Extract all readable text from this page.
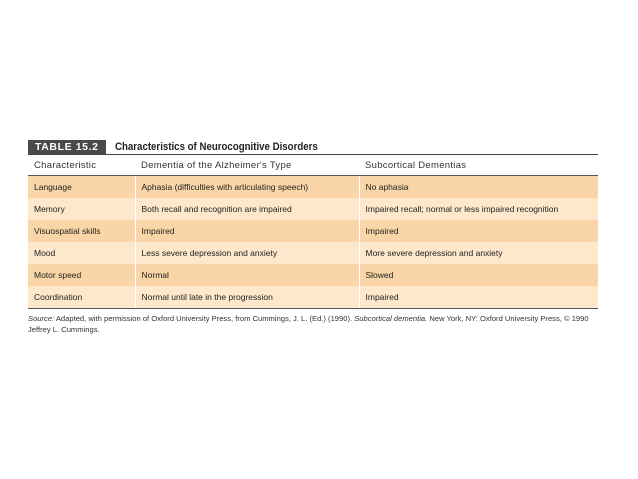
TABLE 15.2	Characteristics of Neurocognitive Disorders
Characteristic	Dementia of the Alzheimer's Type	Subcortical Dementias
Language	Aphasia (difficulties with articulating speech)	No aphasia
Memory	Both recall and recognition are impaired	Impaired recall; normal or less impaired recognition
Visuospatial skills	Impaired	Impaired
Mood	Less severe depression and anxiety	More severe depression and anxiety
Motor speed	Normal	Slowed
Coordination	Normal until late in the progression	Impaired
Source: Adapted, with permission of Oxford University Press, from Cummings, J. L. (Ed.) (1990). Subcortical dementia. New York, NY: Oxford University Press, © 1990 Jeffrey L. Cummings.
